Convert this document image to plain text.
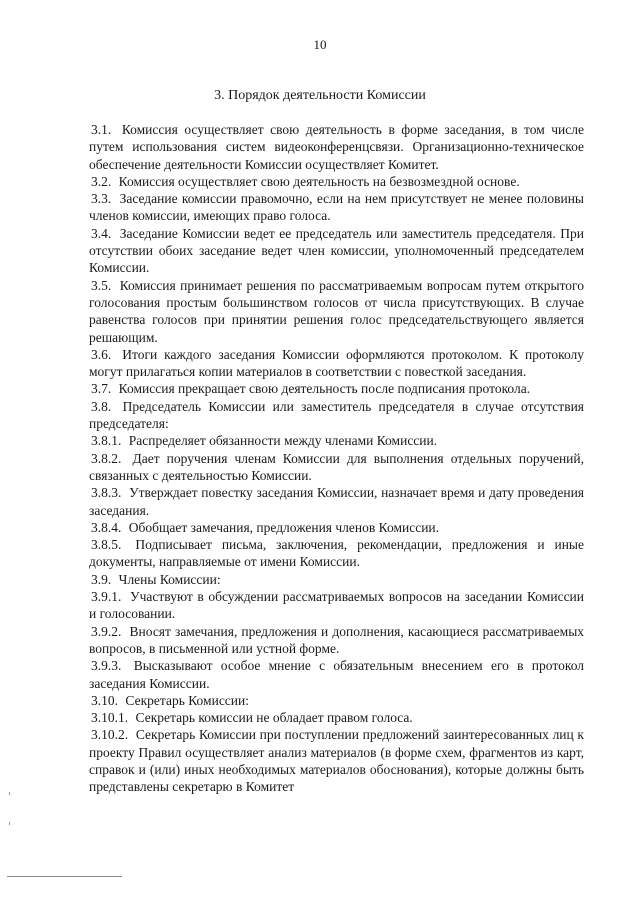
10
3. Порядок деятельности Комиссии

3.1. Комиссия осуществляет свою деятельность в форме заседания, в том числе путем использования систем видеоконференцсвязи. Организационно-техническое обеспечение деятельности Комиссии осуществляет Комитет.

3.2. Комиссия осуществляет свою деятельность на безвозмездной основе.

3.3. Заседание комиссии правомочно, если на нем присутствует не менее половины членов комиссии, имеющих право голоса.

3.4. Заседание Комиссии ведет ее председатель или заместитель председателя. При отсутствии обоих заседание ведет член комиссии, уполномоченный председателем Комиссии.

3.5. Комиссия принимает решения по рассматриваемым вопросам путем открытого голосования простым большинством голосов от числа присутствующих. В случае равенства голосов при принятии решения голос председательствующего является решающим.

3.6. Итоги каждого заседания Комиссии оформляются протоколом. К протоколу могут прилагаться копии материалов в соответствии с повесткой заседания.

3.7. Комиссия прекращает свою деятельность после подписания протокола.

3.8. Председатель Комиссии или заместитель председателя в случае отсутствия председателя:

3.8.1. Распределяет обязанности между членами Комиссии.

3.8.2. Дает поручения членам Комиссии для выполнения отдельных поручений, связанных с деятельностью Комиссии.

3.8.3. Утверждает повестку заседания Комиссии, назначает время и дату проведения заседания.

3.8.4. Обобщает замечания, предложения членов Комиссии.

3.8.5. Подписывает письма, заключения, рекомендации, предложения и иные документы, направляемые от имени Комиссии.

3.9. Члены Комиссии:

3.9.1. Участвуют в обсуждении рассматриваемых вопросов на заседании Комиссии и голосовании.

3.9.2. Вносят замечания, предложения и дополнения, касающиеся рассматриваемых вопросов, в письменной или устной форме.

3.9.3. Высказывают особое мнение с обязательным внесением его в протокол заседания Комиссии.

3.10. Секретарь Комиссии:

3.10.1. Секретарь комиссии не обладает правом голоса.

3.10.2. Секретарь Комиссии при поступлении предложений заинтересованных лиц к проекту Правил осуществляет анализ материалов (в форме схем, фрагментов из карт, справок и (или) иных необходимых материалов обоснования), которые должны быть представлены секретарю в Комитет
